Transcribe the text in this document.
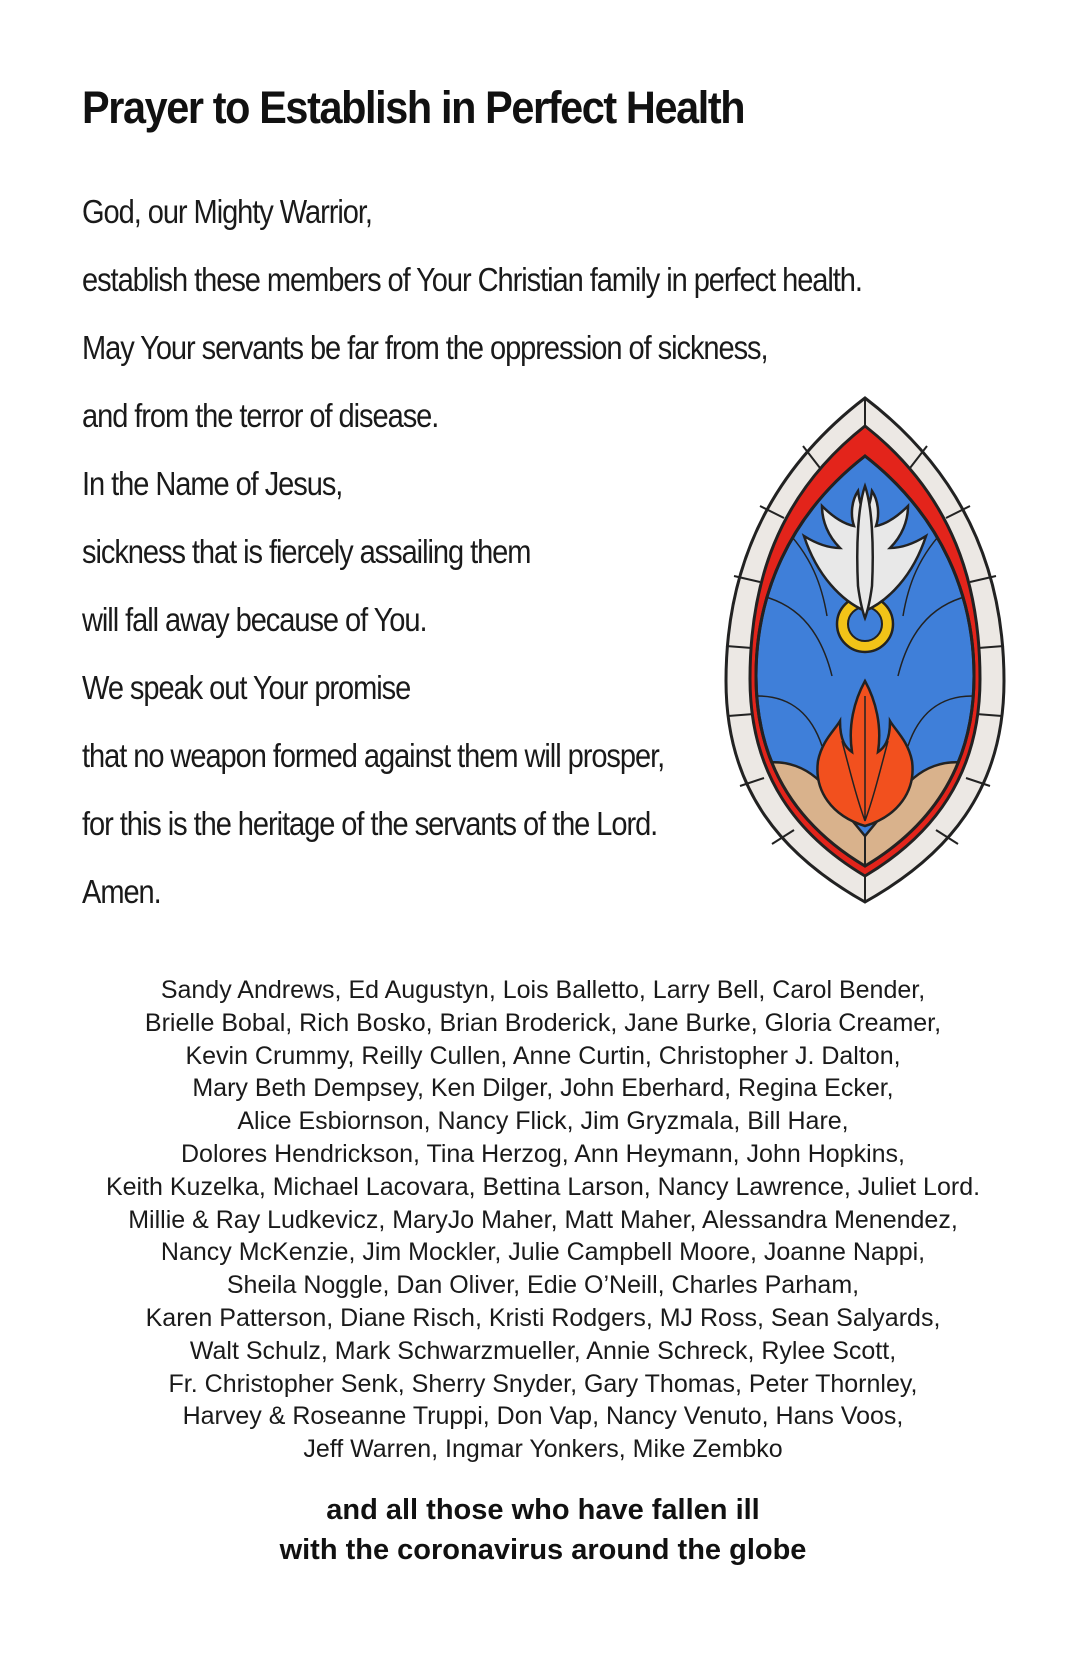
Prayer to Establish in Perfect Health
God, our Mighty Warrior,
establish these members of Your Christian family in perfect health.
May Your servants be far from the oppression of sickness,
and from the terror of disease.
In the Name of Jesus,
sickness that is fiercely assailing them
will fall away because of You.
We speak out Your promise
that no weapon formed against them will prosper,
for this is the heritage of the servants of the Lord.
Amen.
Sandy Andrews, Ed Augustyn, Lois Balletto, Larry Bell, Carol Bender,
Brielle Bobal, Rich Bosko, Brian Broderick, Jane Burke, Gloria Creamer,
Kevin Crummy, Reilly Cullen, Anne Curtin, Christopher J. Dalton,
Mary Beth Dempsey, Ken Dilger, John Eberhard, Regina Ecker,
Alice Esbiornson, Nancy Flick, Jim Gryzmala, Bill Hare,
Dolores Hendrickson, Tina Herzog, Ann Heymann, John Hopkins,
Keith Kuzelka, Michael Lacovara, Bettina Larson, Nancy Lawrence, Juliet Lord.
Millie & Ray Ludkevicz, MaryJo Maher, Matt Maher, Alessandra Menendez,
Nancy McKenzie, Jim Mockler, Julie Campbell Moore, Joanne Nappi,
Sheila Noggle, Dan Oliver, Edie O’Neill, Charles Parham,
Karen Patterson, Diane Risch, Kristi Rodgers, MJ Ross, Sean Salyards,
Walt Schulz, Mark Schwarzmueller, Annie Schreck, Rylee Scott,
Fr. Christopher Senk, Sherry Snyder, Gary Thomas, Peter Thornley,
Harvey & Roseanne Truppi, Don Vap, Nancy Venuto, Hans Voos,
Jeff Warren, Ingmar Yonkers, Mike Zembko
and all those who have fallen ill
with the coronavirus around the globe
